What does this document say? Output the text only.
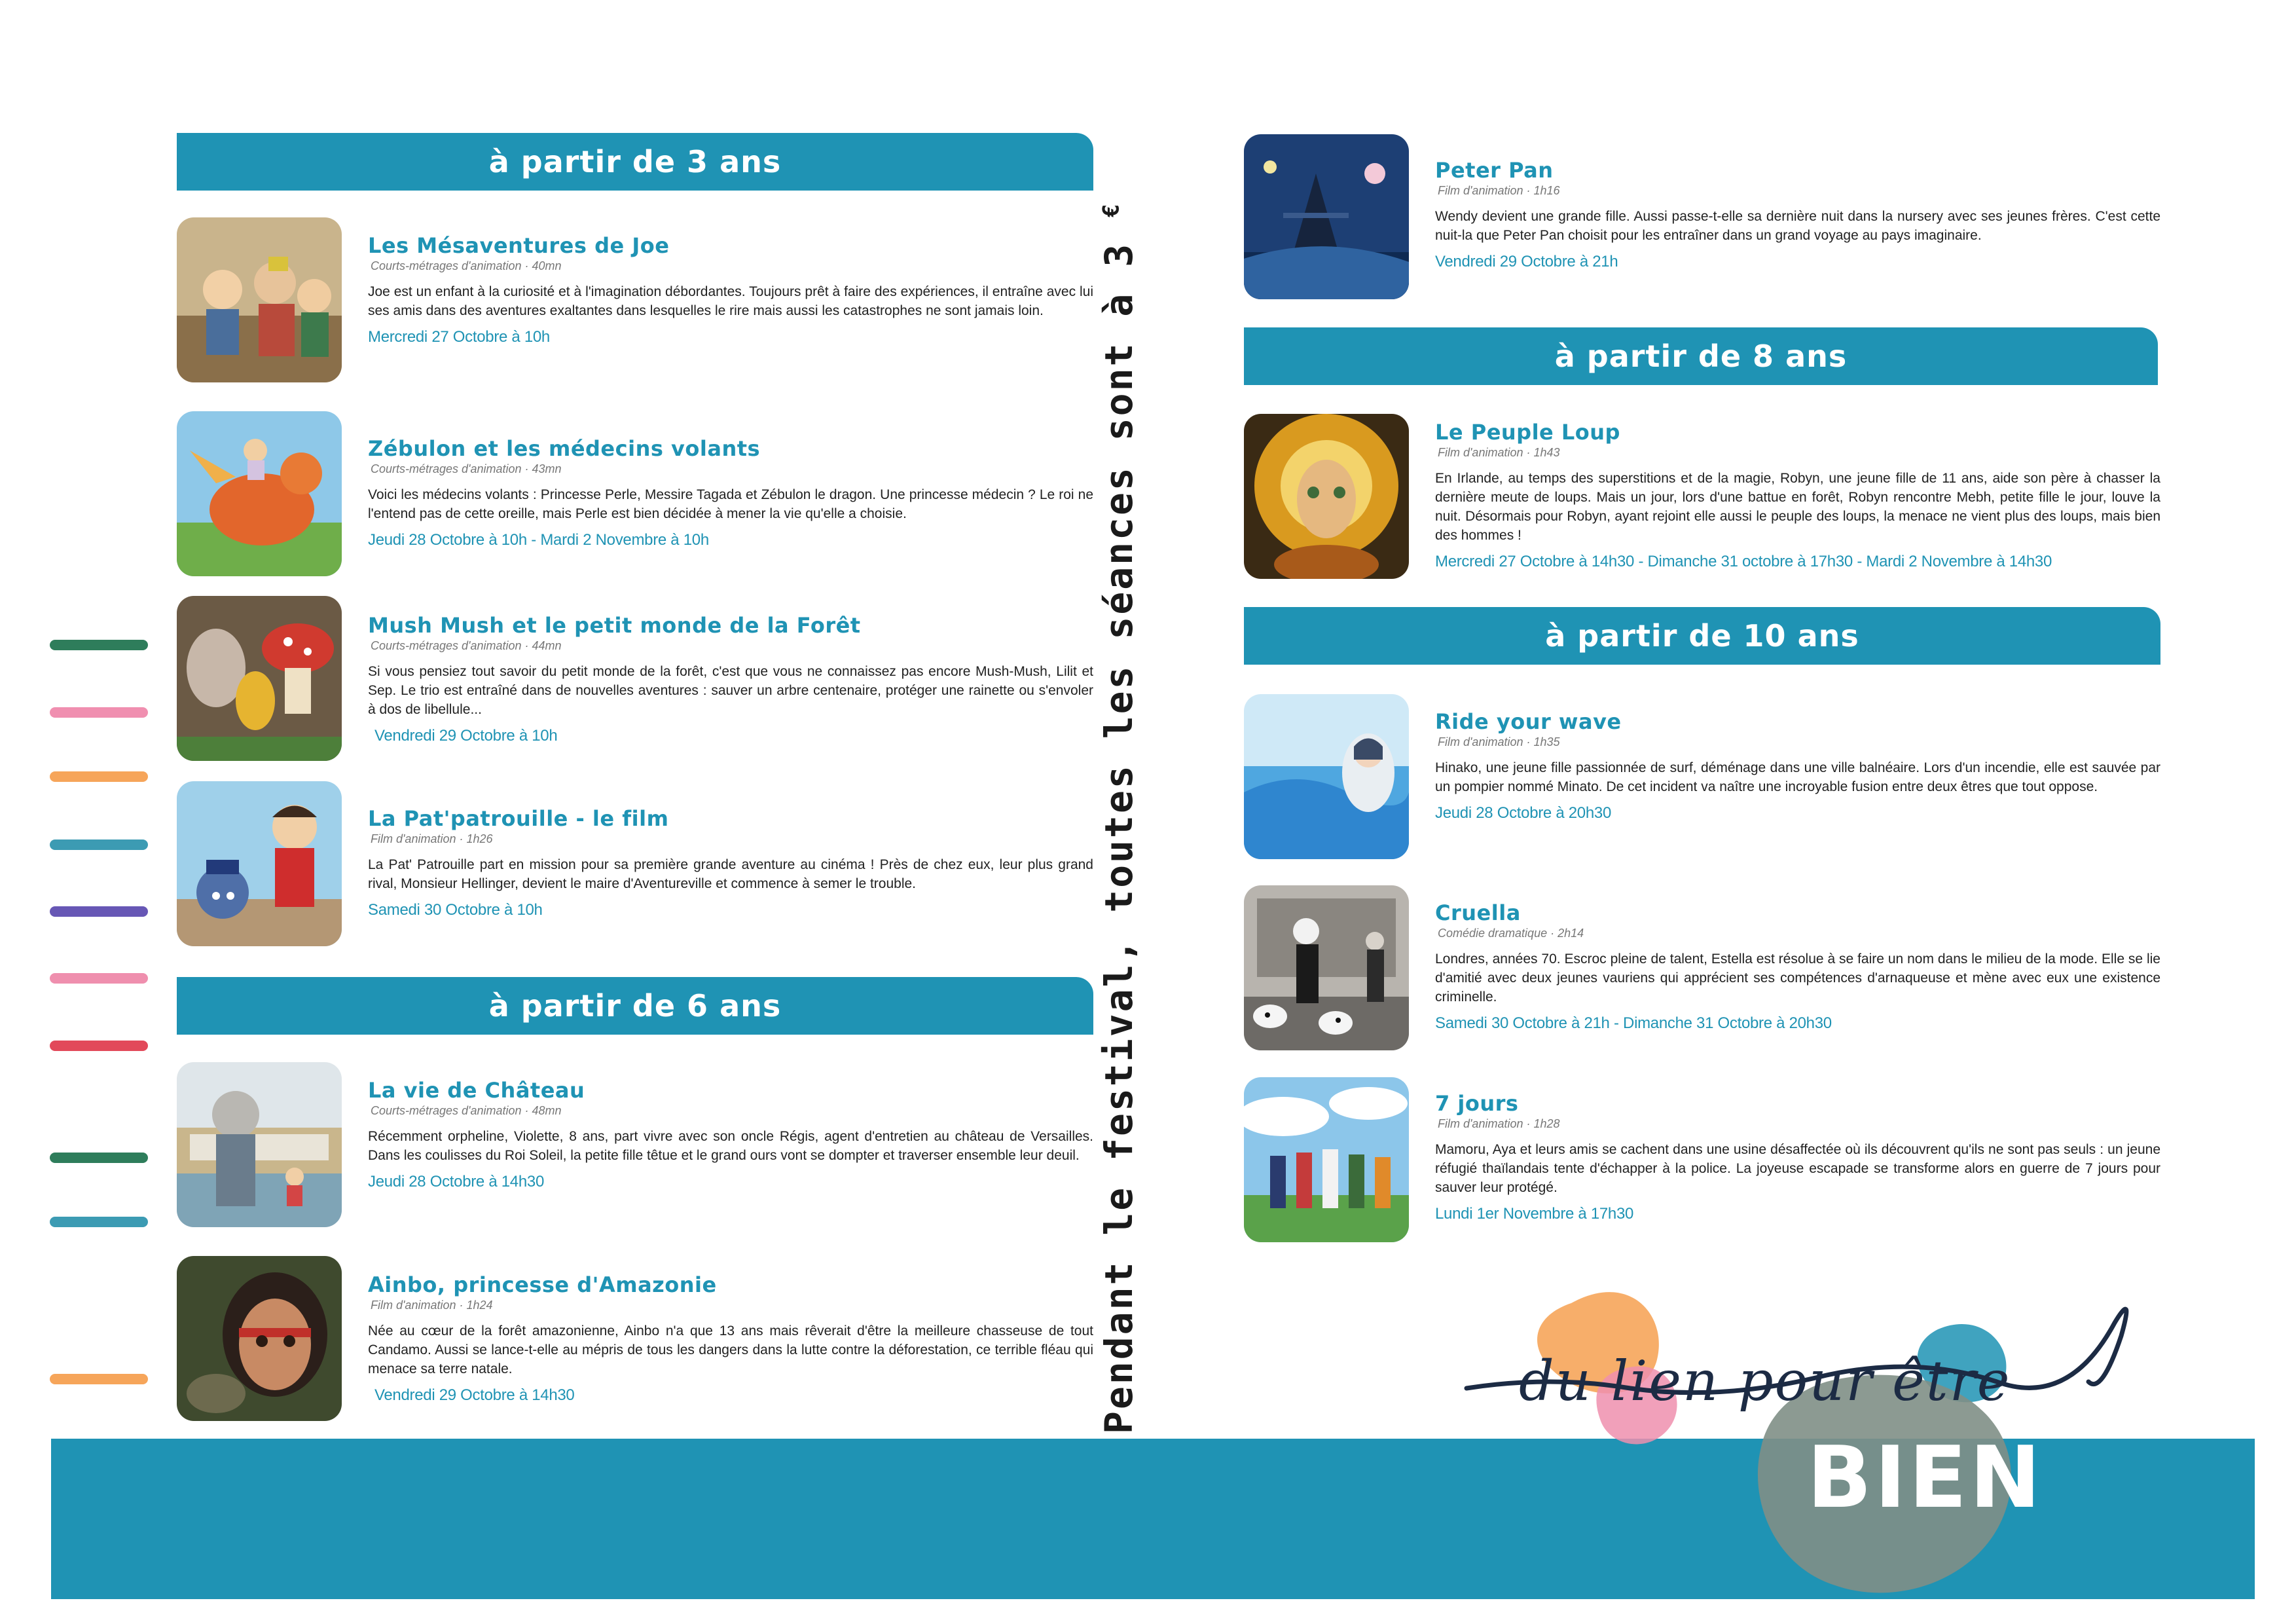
à partir de 3 ans
à partir de 6 ans
à partir de 8 ans
à partir de 10 ans
Pendant le festival, toutes les séances sont à 3 €

Les Mésaventures de Joe

Courts-métrages d'animation · 40mn

Joe est un enfant à la curiosité et à l'imagination débordantes. Toujours prêt à faire des expériences, il entraîne avec lui ses amis dans des aventures exaltantes dans lesquelles le rire mais aussi les catastrophes ne sont jamais loin.

Mercredi 27 Octobre à 10h

Zébulon et les médecins volants

Courts-métrages d'animation · 43mn

Voici les médecins volants : Princesse Perle, Messire Tagada et Zébulon le dragon. Une princesse médecin ? Le roi ne l'entend pas de cette oreille, mais Perle est bien décidée à mener la vie qu'elle a choisie.

Jeudi 28 Octobre à 10h - Mardi 2 Novembre à 10h

Mush Mush et le petit monde de la Forêt

Courts-métrages d'animation · 44mn

Si vous pensiez tout savoir du petit monde de la forêt, c'est que vous ne connaissez pas encore Mush-Mush, Lilit et Sep. Le trio est entraîné dans de nouvelles aventures : sauver un arbre centenaire, protéger une rainette ou s'envoler à dos de libellule...

Vendredi 29 Octobre à 10h

La Pat'patrouille - le film

Film d'animation · 1h26

La Pat' Patrouille part en mission pour sa première grande aventure au cinéma ! Près de chez eux, leur plus grand rival, Monsieur Hellinger, devient le maire d'Aventureville et commence à semer le trouble.

Samedi 30 Octobre à 10h

La vie de Château

Courts-métrages d'animation · 48mn

Récemment orpheline, Violette, 8 ans, part vivre avec son oncle Régis, agent d'entretien au château de Versailles. Dans les coulisses du Roi Soleil, la petite fille têtue et le grand ours vont se dompter et traverser ensemble leur deuil.

Jeudi 28 Octobre à 14h30

Ainbo, princesse d'Amazonie

Film d'animation · 1h24

Née au cœur de la forêt amazonienne, Ainbo n'a que 13 ans mais rêverait d'être la meilleure chasseuse de tout Candamo. Aussi se lance-t-elle au mépris de tous les dangers dans la lutte contre la déforestation, ce terrible fléau qui menace sa terre natale.

Vendredi 29 Octobre à 14h30

Peter Pan

Film d'animation · 1h16

Wendy devient une grande fille. Aussi passe-t-elle sa dernière nuit dans la nursery avec ses jeunes frères. C'est cette nuit-la que Peter Pan choisit pour les entraîner dans un grand voyage au pays imaginaire.

Vendredi 29 Octobre à 21h

Le Peuple Loup

Film d'animation · 1h43

En Irlande, au temps des superstitions et de la magie, Robyn, une jeune fille de 11 ans, aide son père à chasser la dernière meute de loups. Mais un jour, lors d'une battue en forêt, Robyn rencontre Mebh, petite fille le jour, louve la nuit. Désormais pour Robyn, ayant rejoint elle aussi le peuple des loups, la menace ne vient plus des loups, mais bien des hommes !

Mercredi 27 Octobre à 14h30 - Dimanche 31 octobre à 17h30 - Mardi 2 Novembre à 14h30

Ride your wave

Film d'animation · 1h35

Hinako, une jeune fille passionnée de surf, déménage dans une ville balnéaire. Lors d'un incendie, elle est sauvée par un pompier nommé Minato. De cet incident va naître une incroyable fusion entre deux êtres que tout oppose.

Jeudi 28 Octobre à 20h30

Cruella

Comédie dramatique · 2h14

Londres, années 70. Escroc pleine de talent, Estella est résolue à se faire un nom dans le milieu de la mode. Elle se lie d'amitié avec deux jeunes vauriens qui apprécient ses compétences d'arnaqueuse et mène avec eux une existence criminelle.

Samedi 30 Octobre à 21h - Dimanche 31 Octobre à 20h30

7 jours

Film d'animation · 1h28

Mamoru, Aya et leurs amis se cachent dans une usine désaffectée où ils découvrent qu'ils ne sont pas seuls : un jeune réfugié thaïlandais tente d'échapper à la police. La joyeuse escapade se transforme alors en guerre de 7 jours pour sauver leur protégé.

Lundi 1er Novembre à 17h30

du lien pour être
BIEN
